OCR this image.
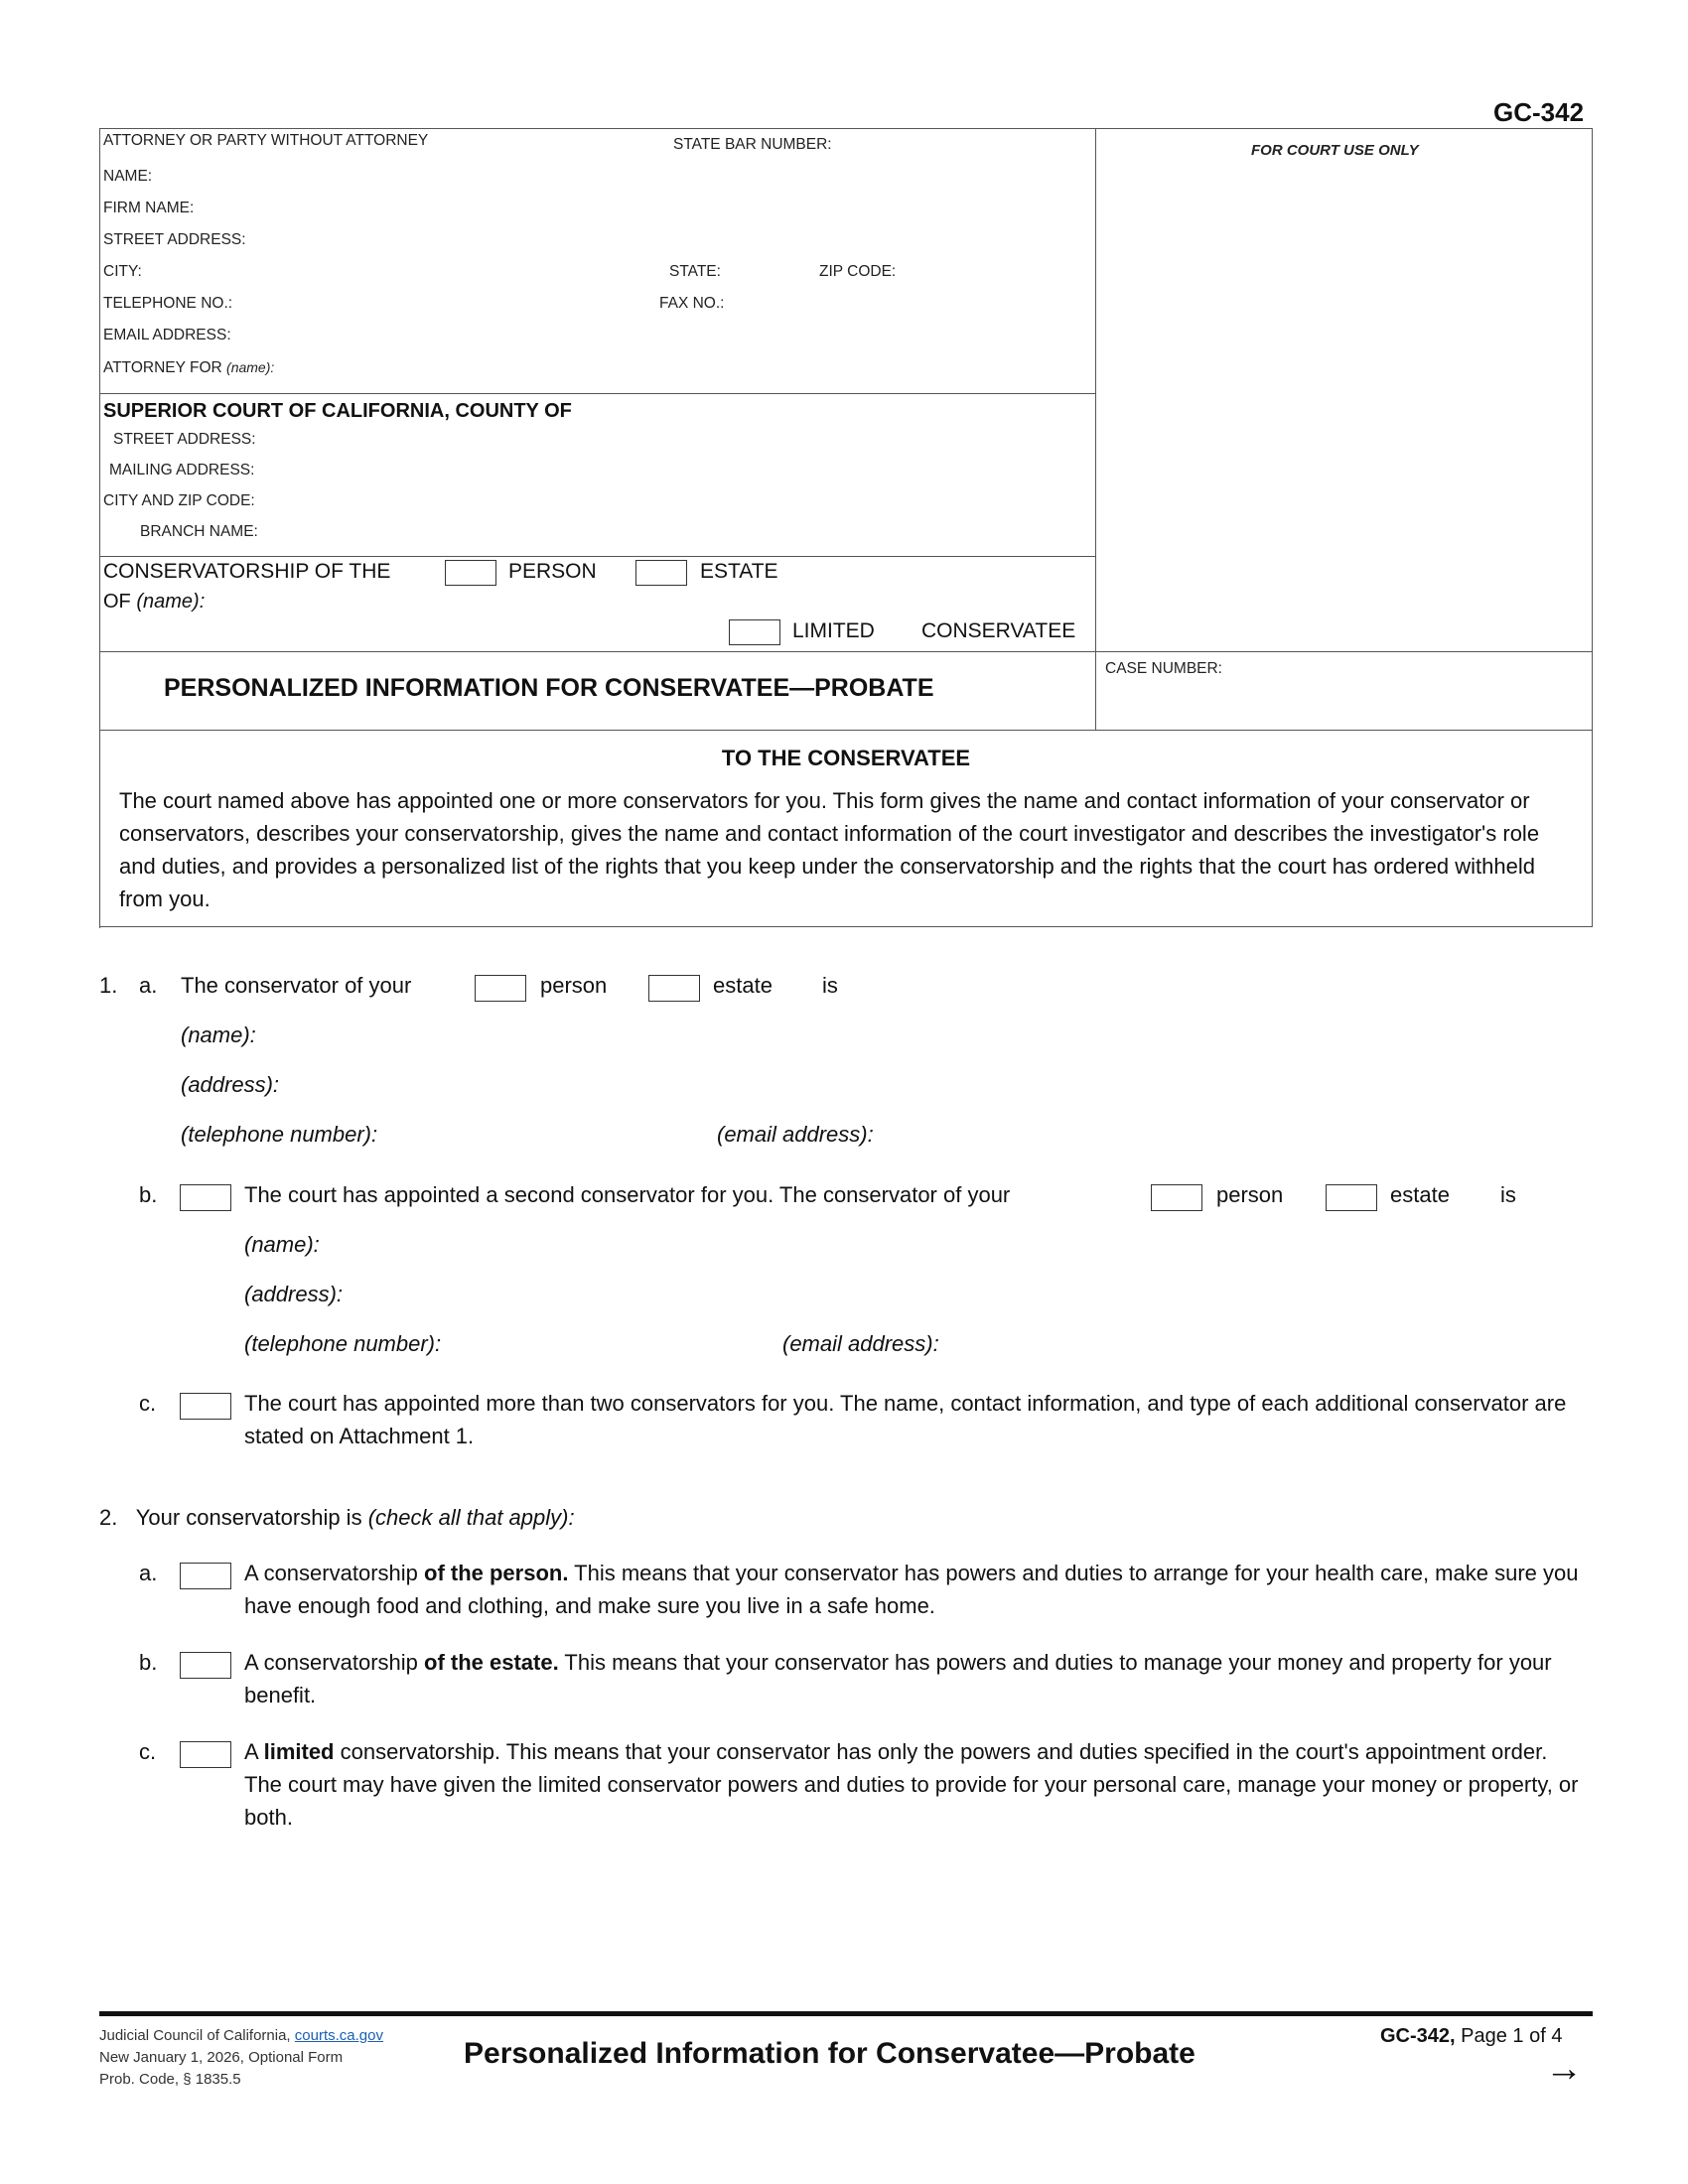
GC-342
ATTORNEY OR PARTY WITHOUT ATTORNEY	STATE BAR NUMBER:	FOR COURT USE ONLY
NAME:
FIRM NAME:
STREET ADDRESS:
CITY:	STATE:	ZIP CODE:
TELEPHONE NO.:	FAX NO.:
EMAIL ADDRESS:
ATTORNEY FOR (name):
SUPERIOR COURT OF CALIFORNIA, COUNTY OF
STREET ADDRESS:
MAILING ADDRESS:
CITY AND ZIP CODE:
BRANCH NAME:
CONSERVATORSHIP OF THE	PERSON	ESTATE
OF (name):
LIMITED CONSERVATEE
CASE NUMBER:
PERSONALIZED INFORMATION FOR CONSERVATEE—PROBATE
TO THE CONSERVATEE
The court named above has appointed one or more conservators for you. This form gives the name and contact information of your conservator or conservators, describes your conservatorship, gives the name and contact information of the court investigator and describes the investigator's role and duties, and provides a personalized list of the rights that you keep under the conservatorship and the rights that the court has ordered withheld from you.
1. a. The conservator of your	person	estate is
(name):
(address):
(telephone number):	(email address):
b.	The court has appointed a second conservator for you. The conservator of your	person	estate is
(name):
(address):
(telephone number):	(email address):
c.	The court has appointed more than two conservators for you. The name, contact information, and type of each additional conservator are stated on Attachment 1.
2. Your conservatorship is (check all that apply):
a.	A conservatorship of the person. This means that your conservator has powers and duties to arrange for your health care, make sure you have enough food and clothing, and make sure you live in a safe home.
b.	A conservatorship of the estate. This means that your conservator has powers and duties to manage your money and property for your benefit.
c.	A limited conservatorship. This means that your conservator has only the powers and duties specified in the court's appointment order. The court may have given the limited conservator powers and duties to provide for your personal care, manage your money or property, or both.
Judicial Council of California, courts.ca.gov
New January 1, 2026, Optional Form
Prob. Code, § 1835.5
Personalized Information for Conservatee—Probate
GC-342, Page 1 of 4
→
